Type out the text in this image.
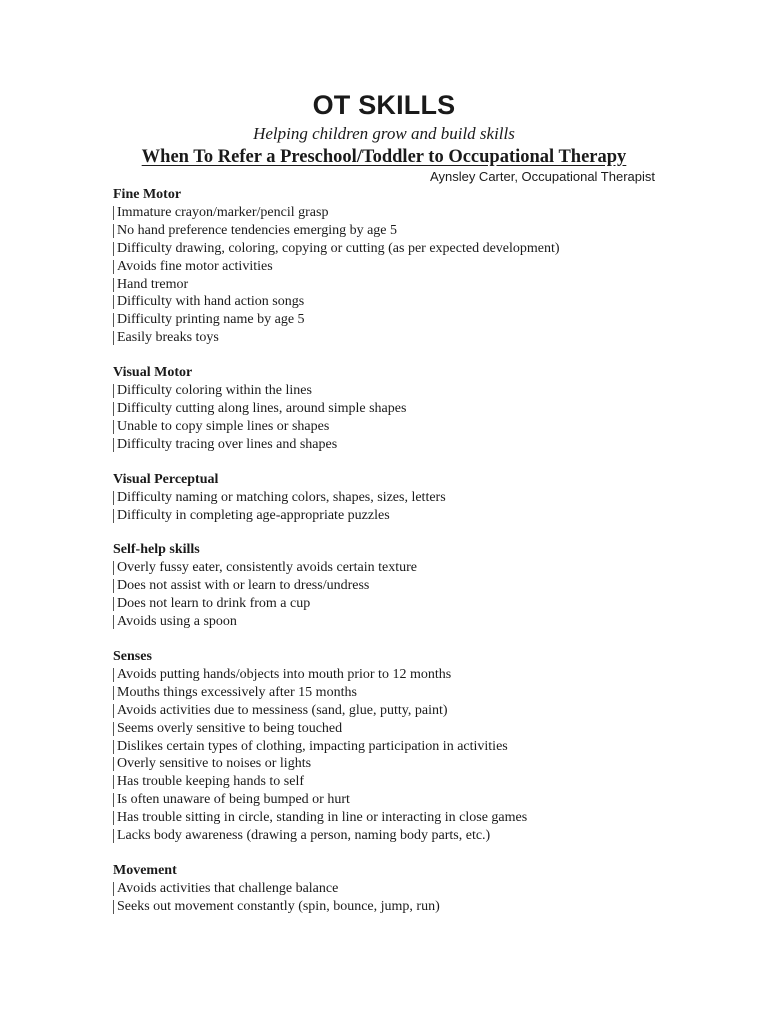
OT SKILLS
Helping children grow and build skills
When To Refer a Preschool/Toddler to Occupational Therapy
Aynsley Carter, Occupational Therapist
Fine Motor
Immature crayon/marker/pencil grasp
No hand preference tendencies emerging by age 5
Difficulty drawing, coloring, copying or cutting (as per expected development)
Avoids fine motor activities
Hand tremor
Difficulty with hand action songs
Difficulty printing name by age 5
Easily breaks toys
Visual Motor
Difficulty coloring within the lines
Difficulty cutting along lines, around simple shapes
Unable to copy simple lines or shapes
Difficulty tracing over lines and shapes
Visual Perceptual
Difficulty naming or matching colors, shapes, sizes, letters
Difficulty in completing age-appropriate puzzles
Self-help skills
Overly fussy eater, consistently avoids certain texture
Does not assist with or learn to dress/undress
Does not learn to drink from a cup
Avoids using a spoon
Senses
Avoids putting hands/objects into mouth prior to 12 months
Mouths things excessively after 15 months
Avoids activities due to messiness (sand, glue, putty, paint)
Seems overly sensitive to being touched
Dislikes certain types of clothing, impacting participation in activities
Overly sensitive to noises or lights
Has trouble keeping hands to self
Is often unaware of being bumped or hurt
Has trouble sitting in circle, standing in line or interacting in close games
Lacks body awareness (drawing a person, naming body parts, etc.)
Movement
Avoids activities that challenge balance
Seeks out movement constantly (spin, bounce, jump, run)
